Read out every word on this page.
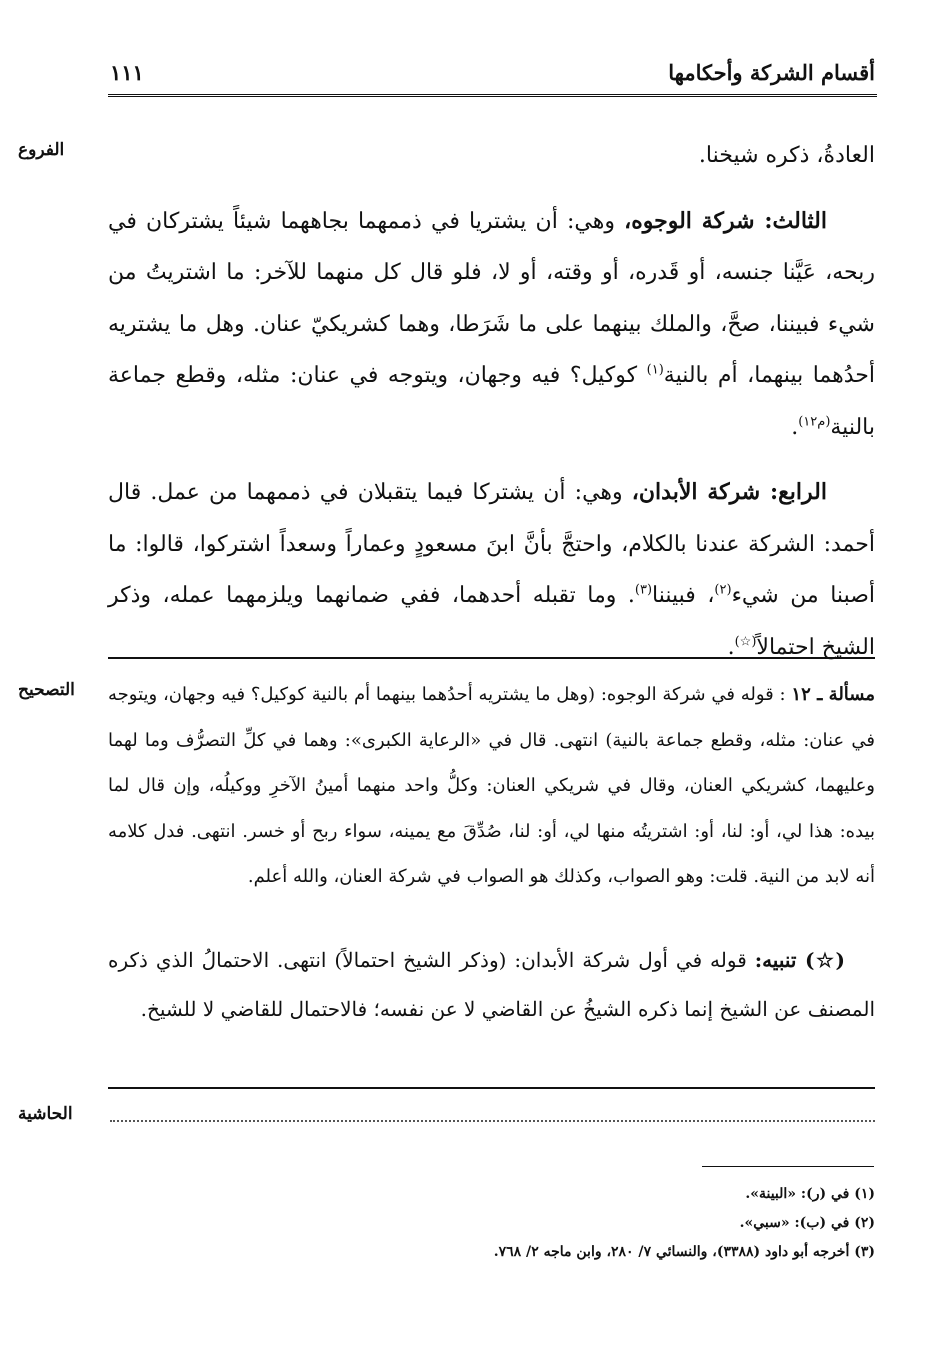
أقسام الشركة وأحكامها
١١١
الفروع
التصحيح
الحاشية

العادةُ، ذكره شيخنا.

الثالث: شركة الوجوه، وهي: أن يشتريا في ذممهما بجاههما شيئاً يشتركان في ربحه، عَيَّنا جنسه، أو قَدره، أو وقته، أو لا، فلو قال كل منهما للآخر: ما اشتريتُ من شيء فبيننا، صحَّ، والملك بينهما على ما شَرَطا، وهما كشريكيّ عنان. وهل ما يشتريه أحدُهما بينهما، أم بالنية$^{(١)}$ كوكيل؟ فيه وجهان، ويتوجه في عنان: مثله، وقطع جماعة بالنية$^{(م١٢)}$.

الرابع: شركة الأبدان، وهي: أن يشتركا فيما يتقبلان في ذممهما من عمل. قال أحمد: الشركة عندنا بالكلام، واحتجَّ بأنَّ ابنَ مسعودٍ وعماراً وسعداً اشتركوا، قالوا: ما أصبنا من شيء$^{(٢)}$، فبيننا$^{(٣)}$. وما تقبله أحدهما، ففي ضمانهما ويلزمهما عمله، وذكر الشيخ احتمالاً(☆).

مسألة ـ ١٢ : قوله في شركة الوجوه: (وهل ما يشتريه أحدُهما بينهما أم بالنية كوكيل؟ فيه وجهان، ويتوجه في عنان: مثله، وقطع جماعة بالنية) انتهى. قال في «الرعاية الكبرى»: وهما في كلِّ التصرُّف وما لهما وعليهما، كشريكي العنان، وقال في شريكي العنان: وكلُّ واحد منهما أمينُ الآخرِ ووكيلُه، وإن قال لما بيده: هذا لي، أو: لنا، أو: اشتريتُه منها لي، أو: لنا، صُدِّقَ مع يمينه، سواء ربح أو خسر. انتهى. فدل كلامه أنه لابد من النية. قلت: وهو الصواب، وكذلك هو الصواب في شركة العنان، والله أعلم.

(☆) تنبيه: قوله في أول شركة الأبدان: (وذكر الشيخ احتمالاً) انتهى. الاحتمالُ الذي ذكره المصنف عن الشيخ إنما ذكره الشيخُ عن القاضي لا عن نفسه؛ فالاحتمال للقاضي لا للشيخ.

(١) في (ر): «البينة».

(٢) في (ب): «سبي».

(٣) أخرجه أبو داود (٣٣٨٨)، والنسائي ٧/ ٢٨٠، وابن ماجه ٢/ ٧٦٨.
